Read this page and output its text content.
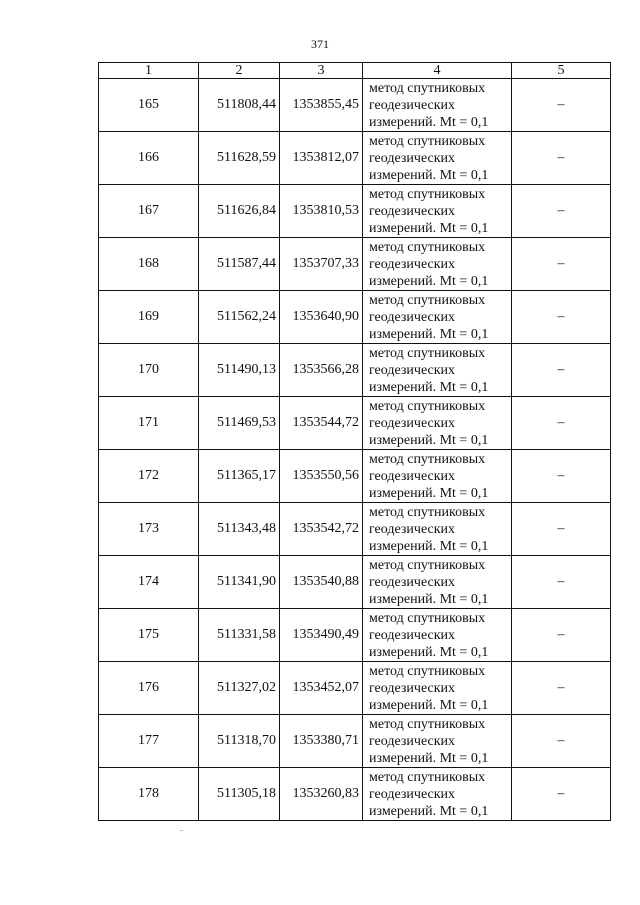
371
1	2	3	4	5
165	511808,44	1353855,45	метод спутниковых
геодезических
измерений. Mt = 0,1	–
166	511628,59	1353812,07	метод спутниковых
геодезических
измерений. Mt = 0,1	–
167	511626,84	1353810,53	метод спутниковых
геодезических
измерений. Mt = 0,1	–
168	511587,44	1353707,33	метод спутниковых
геодезических
измерений. Mt = 0,1	–
169	511562,24	1353640,90	метод спутниковых
геодезических
измерений. Mt = 0,1	–
170	511490,13	1353566,28	метод спутниковых
геодезических
измерений. Mt = 0,1	–
171	511469,53	1353544,72	метод спутниковых
геодезических
измерений. Mt = 0,1	–
172	511365,17	1353550,56	метод спутниковых
геодезических
измерений. Mt = 0,1	–
173	511343,48	1353542,72	метод спутниковых
геодезических
измерений. Mt = 0,1	–
174	511341,90	1353540,88	метод спутниковых
геодезических
измерений. Mt = 0,1	–
175	511331,58	1353490,49	метод спутниковых
геодезических
измерений. Mt = 0,1	–
176	511327,02	1353452,07	метод спутниковых
геодезических
измерений. Mt = 0,1	–
177	511318,70	1353380,71	метод спутниковых
геодезических
измерений. Mt = 0,1	–
178	511305,18	1353260,83	метод спутниковых
геодезических
измерений. Mt = 0,1	–
